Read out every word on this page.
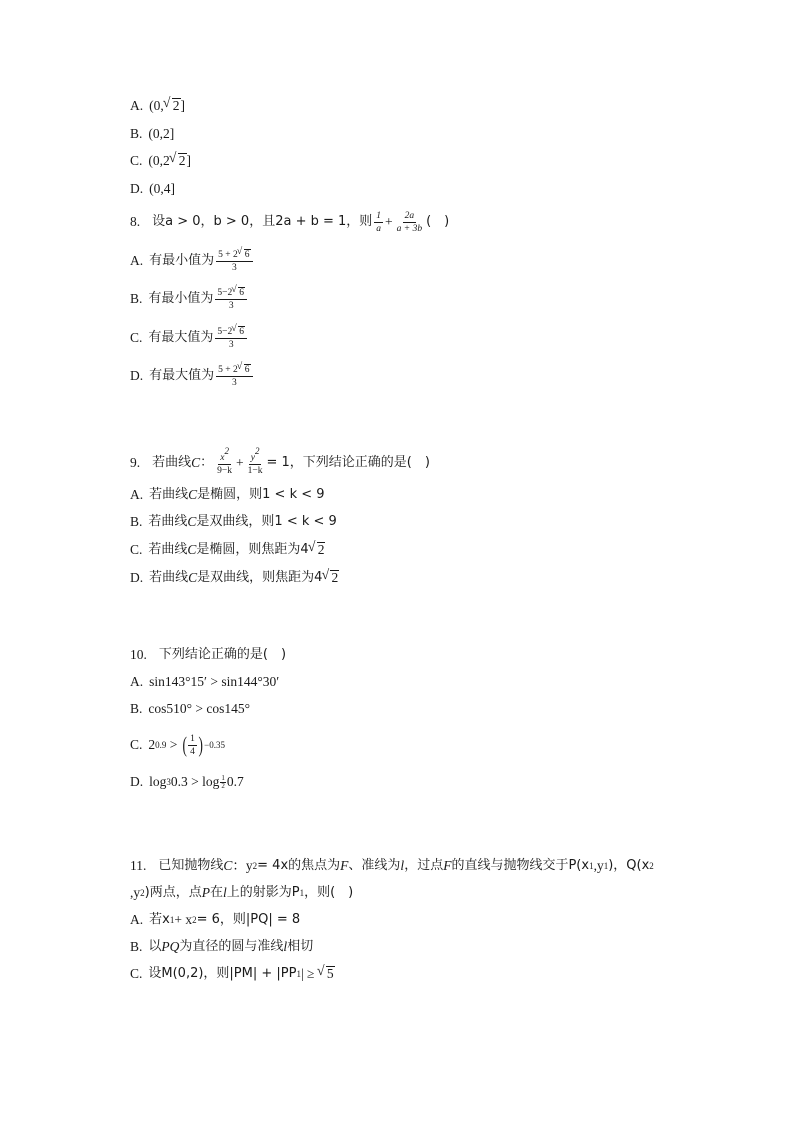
A. (0, √ 2 ]
B. (0,2]
C. (0,2 √ 2 ]
D. (0,4]
8. 设a > 0，b > 0，且2a + b = 1，则 $\frac{1}{a} + \frac{2a}{a + 3b}$ (　)
A. 有最小值为 $\frac{5 + 2 √ 6}{3}$
B. 有最小值为 $\frac{5-2 √ 6}{3}$
C. 有最大值为 $\frac{5-2 √ 6}{3}$
D. 有最大值为 $\frac{5 + 2 √ 6}{3}$
9. 若曲线 C ： $\frac{x^2}{9-k} + \frac{y^2}{1-k} = 1$，下列结论正确的是(　)
A. 若曲线 C 是椭圆，则1 < k < 9
B. 若曲线 C 是双曲线，则1 < k < 9
C. 若曲线 C 是椭圆，则焦距为4 √ 2
D. 若曲线 C 是双曲线，则焦距为4 √ 2
10. 下列结论正确的是(　)
A. sin143°15′ > sin144°30′
B. cos510° > cos145°
C. 2 0.9 > ( $\frac{1}{4}$ ) −0.35
D. log 3 $0.3 > \log \frac{1}{2} 0.7$
11. 已知抛物线 C ：y 2 = 4x的焦点为 F 、准线为 l ，过点 F 的直线与抛物线交于P(x 1 ,y 1 )，Q(x 2
,y 2 )两点，点 P 在 l 上的射影为P 1 ，则(　)
A. 若x 1 + x 2 = 6，则|PQ| = 8
B. 以 PQ 为直径的圆与准线 l 相切
C. 设M(0,2)，则|PM| + |PP 1 | ≥ √ 5
